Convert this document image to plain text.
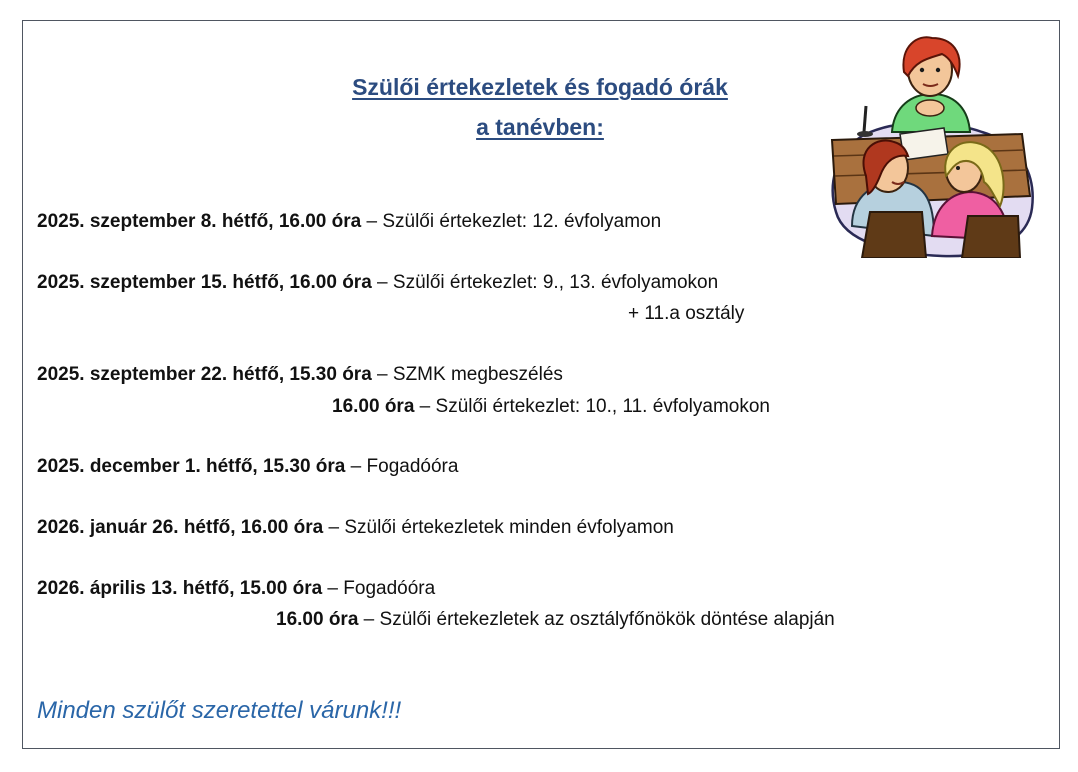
Szülői értekezletek és fogadó órák
a tanévben:
2025. szeptember 8. hétfő, 16.00 óra – Szülői értekezlet: 12. évfolyamon
2025. szeptember 15. hétfő, 16.00 óra – Szülői értekezlet: 9., 13. évfolyamokon
+ 11.a osztály
2025. szeptember 22. hétfő, 15.30 óra – SZMK megbeszélés
16.00 óra – Szülői értekezlet: 10., 11. évfolyamokon
2025. december 1. hétfő, 15.30 óra – Fogadóóra
2026. január 26. hétfő, 16.00 óra – Szülői értekezletek minden évfolyamon
2026. április 13. hétfő, 15.00 óra – Fogadóóra
16.00 óra – Szülői értekezletek az osztályfőnökök döntése alapján
Minden szülőt szeretettel várunk!!!
